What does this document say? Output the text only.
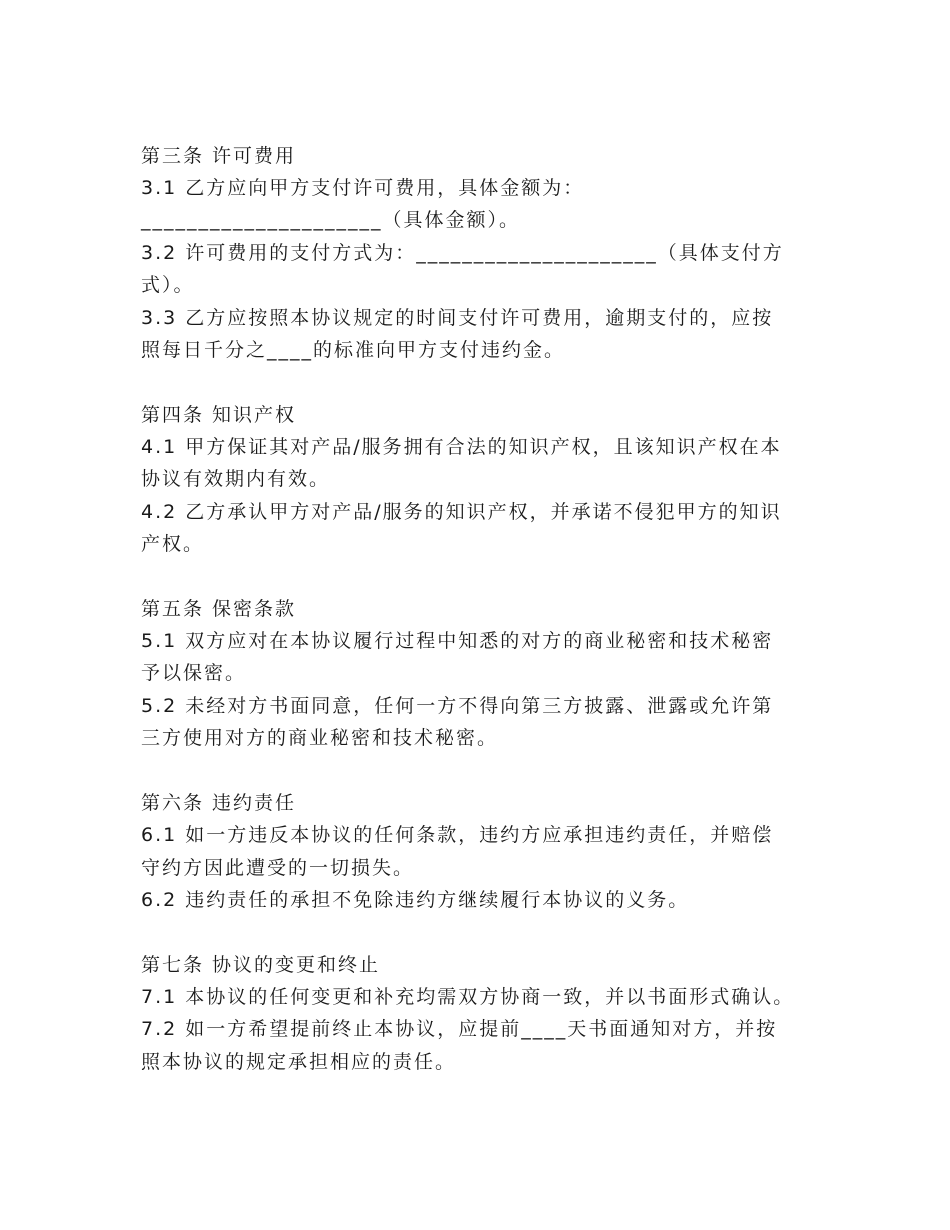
第三条 许可费用
3.1 乙方应向甲方支付许可费用，具体金额为：
_____________________（具体金额）。
3.2 许可费用的支付方式为：_____________________（具体支付方
式）。
3.3 乙方应按照本协议规定的时间支付许可费用，逾期支付的，应按
照每日千分之____的标准向甲方支付违约金。
第四条 知识产权
4.1 甲方保证其对产品/服务拥有合法的知识产权，且该知识产权在本
协议有效期内有效。
4.2 乙方承认甲方对产品/服务的知识产权，并承诺不侵犯甲方的知识
产权。
第五条 保密条款
5.1 双方应对在本协议履行过程中知悉的对方的商业秘密和技术秘密
予以保密。
5.2 未经对方书面同意，任何一方不得向第三方披露、泄露或允许第
三方使用对方的商业秘密和技术秘密。
第六条 违约责任
6.1 如一方违反本协议的任何条款，违约方应承担违约责任，并赔偿
守约方因此遭受的一切损失。
6.2 违约责任的承担不免除违约方继续履行本协议的义务。
第七条 协议的变更和终止
7.1 本协议的任何变更和补充均需双方协商一致，并以书面形式确认。
7.2 如一方希望提前终止本协议，应提前____天书面通知对方，并按
照本协议的规定承担相应的责任。
